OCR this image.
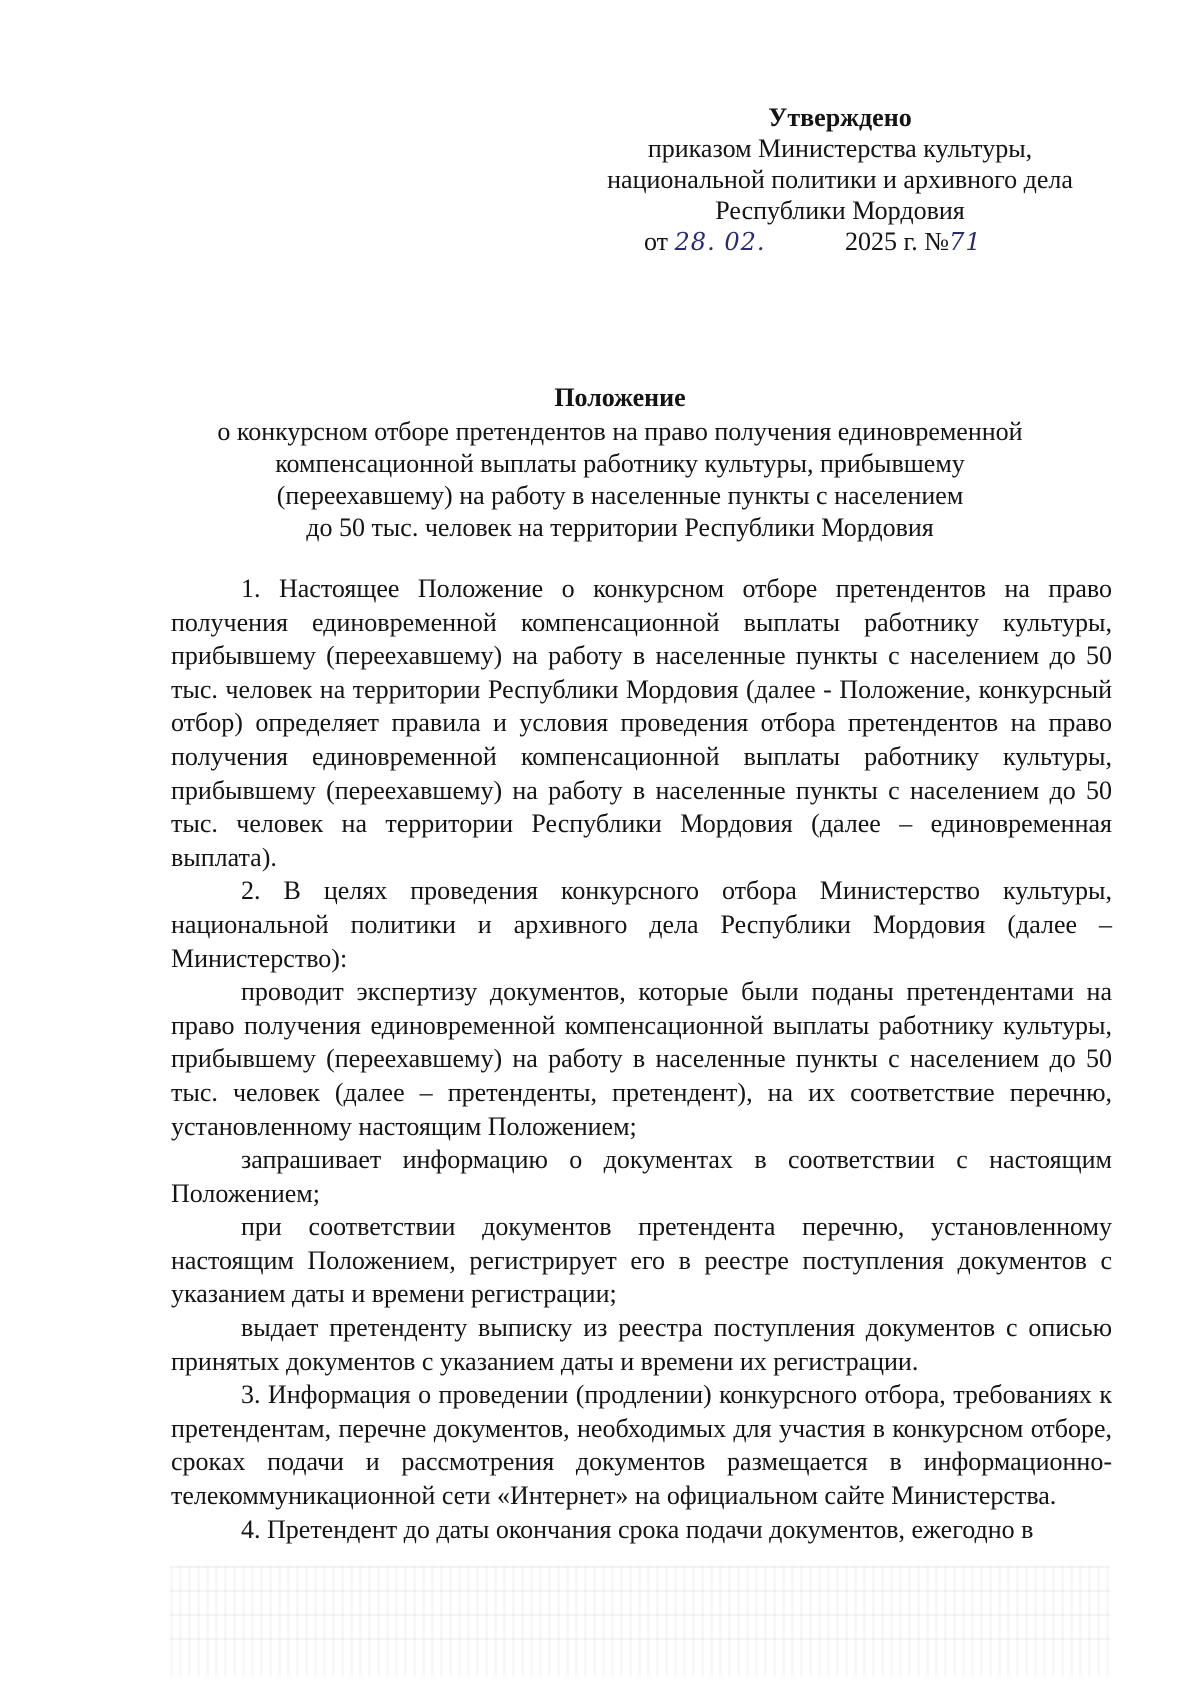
Утверждено
приказом Министерства культуры,
национальной политики и архивного дела
Республики Мордовия
от 28. 02.	2025 г. №71
Положение
о конкурсном отборе претендентов на право получения единовременной
компенсационной выплаты работнику культуры, прибывшему
(переехавшему) на работу в населенные пункты с населением
до 50 тыс. человек на территории Республики Мордовия

1. Настоящее Положение о конкурсном отборе претендентов на право получения единовременной компенсационной выплаты работнику культуры, прибывшему (переехавшему) на работу в населенные пункты с населением до 50 тыс. человек на территории Республики Мордовия (далее - Положение, конкурсный отбор) определяет правила и условия проведения отбора претендентов на право получения единовременной компенсационной выплаты работнику культуры, прибывшему (переехавшему) на работу в населенные пункты с населением до 50 тыс. человек на территории Республики Мордовия (далее – единовременная выплата).

2. В целях проведения конкурсного отбора Министерство культуры, национальной политики и архивного дела Республики Мордовия (далее – Министерство):

проводит экспертизу документов, которые были поданы претендентами на право получения единовременной компенсационной выплаты работнику культуры, прибывшему (переехавшему) на работу в населенные пункты с населением до 50 тыс. человек (далее – претенденты, претендент), на их соответствие перечню, установленному настоящим Положением;

запрашивает информацию о документах в соответствии с настоящим Положением;

при соответствии документов претендента перечню, установленному настоящим Положением, регистрирует его в реестре поступления документов с указанием даты и времени регистрации;

выдает претенденту выписку из реестра поступления документов с описью принятых документов с указанием даты и времени их регистрации.

3. Информация о проведении (продлении) конкурсного отбора, требованиях к претендентам, перечне документов, необходимых для участия в конкурсном отборе, сроках подачи и рассмотрения документов размещается в информационно-телекоммуникационной сети «Интернет» на официальном сайте Министерства.

4. Претендент до даты окончания срока подачи документов, ежегодно в
